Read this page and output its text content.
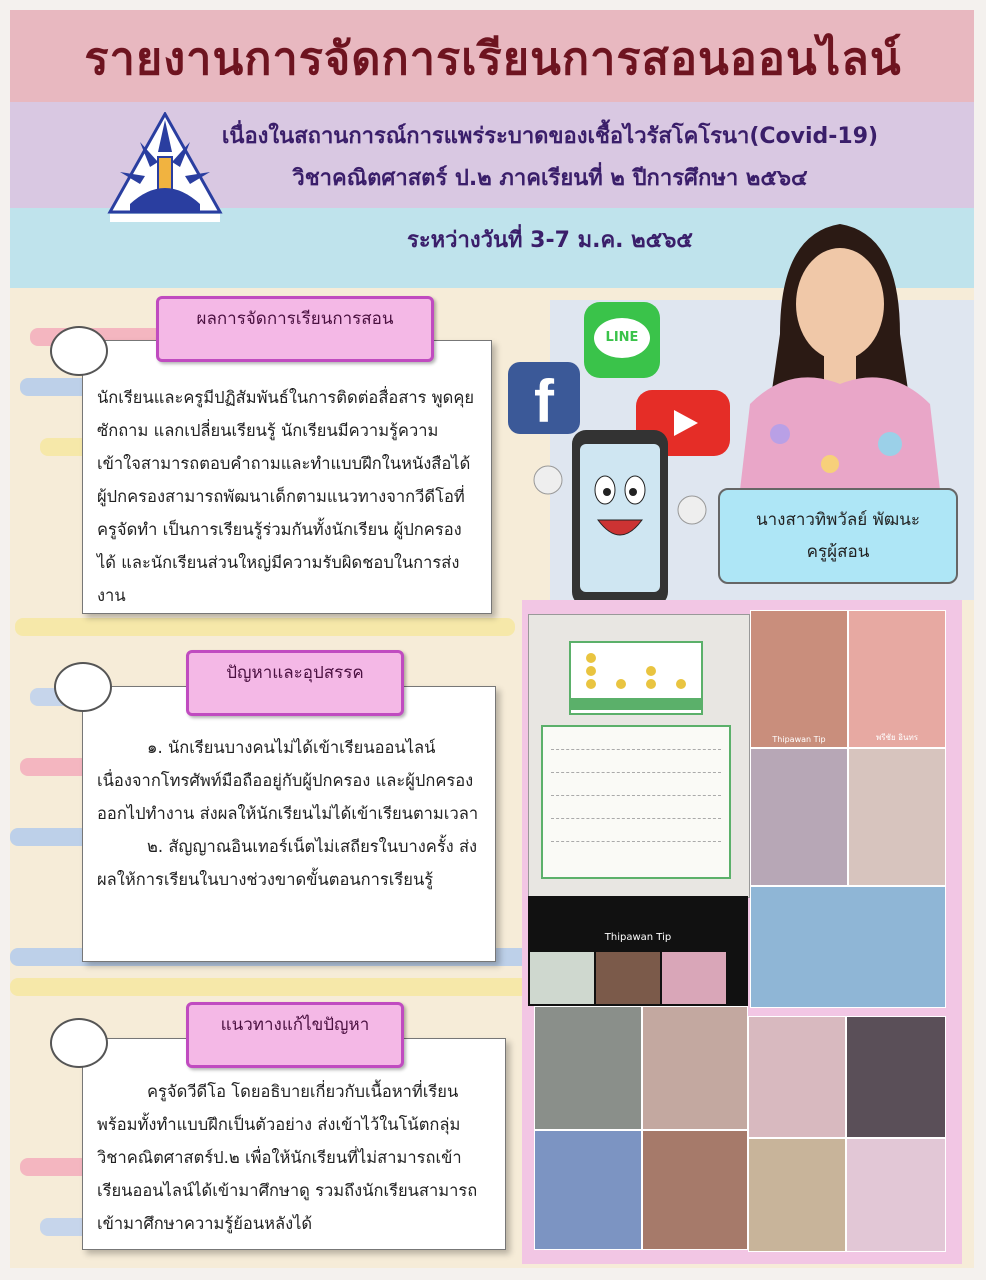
รายงานการจัดการเรียนการสอนออนไลน์
เนื่องในสถานการณ์การแพร่ระบาดของเชื้อไวรัสโคโรนา(Covid-19)
วิชาคณิตศาสตร์ ป.๒ ภาคเรียนที่ ๒ ปีการศึกษา ๒๕๖๔
ระหว่างวันที่ 3-7 ม.ค. ๒๕๖๕
นักเรียนและครูมีปฏิสัมพันธ์ในการติดต่อสื่อสาร พูดคุยซักถาม แลกเปลี่ยนเรียนรู้ นักเรียนมีความรู้ความเข้าใจสามารถตอบคำถามและทำแบบฝึกในหนังสือได้ ผู้ปกครองสามารถพัฒนาเด็กตามแนวทางจากวีดีโอที่ครูจัดทำ เป็นการเรียนรู้ร่วมกันทั้งนักเรียน ผู้ปกครองได้ และนักเรียนส่วนใหญ่มีความรับผิดชอบในการส่งงาน
ผลการจัดการเรียนการสอน
๑. นักเรียนบางคนไม่ได้เข้าเรียนออนไลน์ เนื่องจากโทรศัพท์มือถืออยู่กับผู้ปกครอง และผู้ปกครองออกไปทำงาน ส่งผลให้นักเรียนไม่ได้เข้าเรียนตามเวลา
๒. สัญญาณอินเทอร์เน็ตไม่เสถียรในบางครั้ง ส่งผลให้การเรียนในบางช่วงขาดขั้นตอนการเรียนรู้
ปัญหาและอุปสรรค
ครูจัดวีดีโอ โดยอธิบายเกี่ยวกับเนื้อหาที่เรียน พร้อมทั้งทำแบบฝึกเป็นตัวอย่าง ส่งเข้าไว้ในโน้ตกลุ่ม วิชาคณิตศาสตร์ป.๒ เพื่อให้นักเรียนที่ไม่สามารถเข้าเรียนออนไลน์ได้เข้ามาศึกษาดู รวมถึงนักเรียนสามารถเข้ามาศึกษาความรู้ย้อนหลังได้
แนวทางแก้ไขปัญหา
LINE
f
นางสาวทิพวัลย์ พัฒนะ
ครูผู้สอน
Thipawan Tip
Thipawan Tip	พรีชัย อินทร
